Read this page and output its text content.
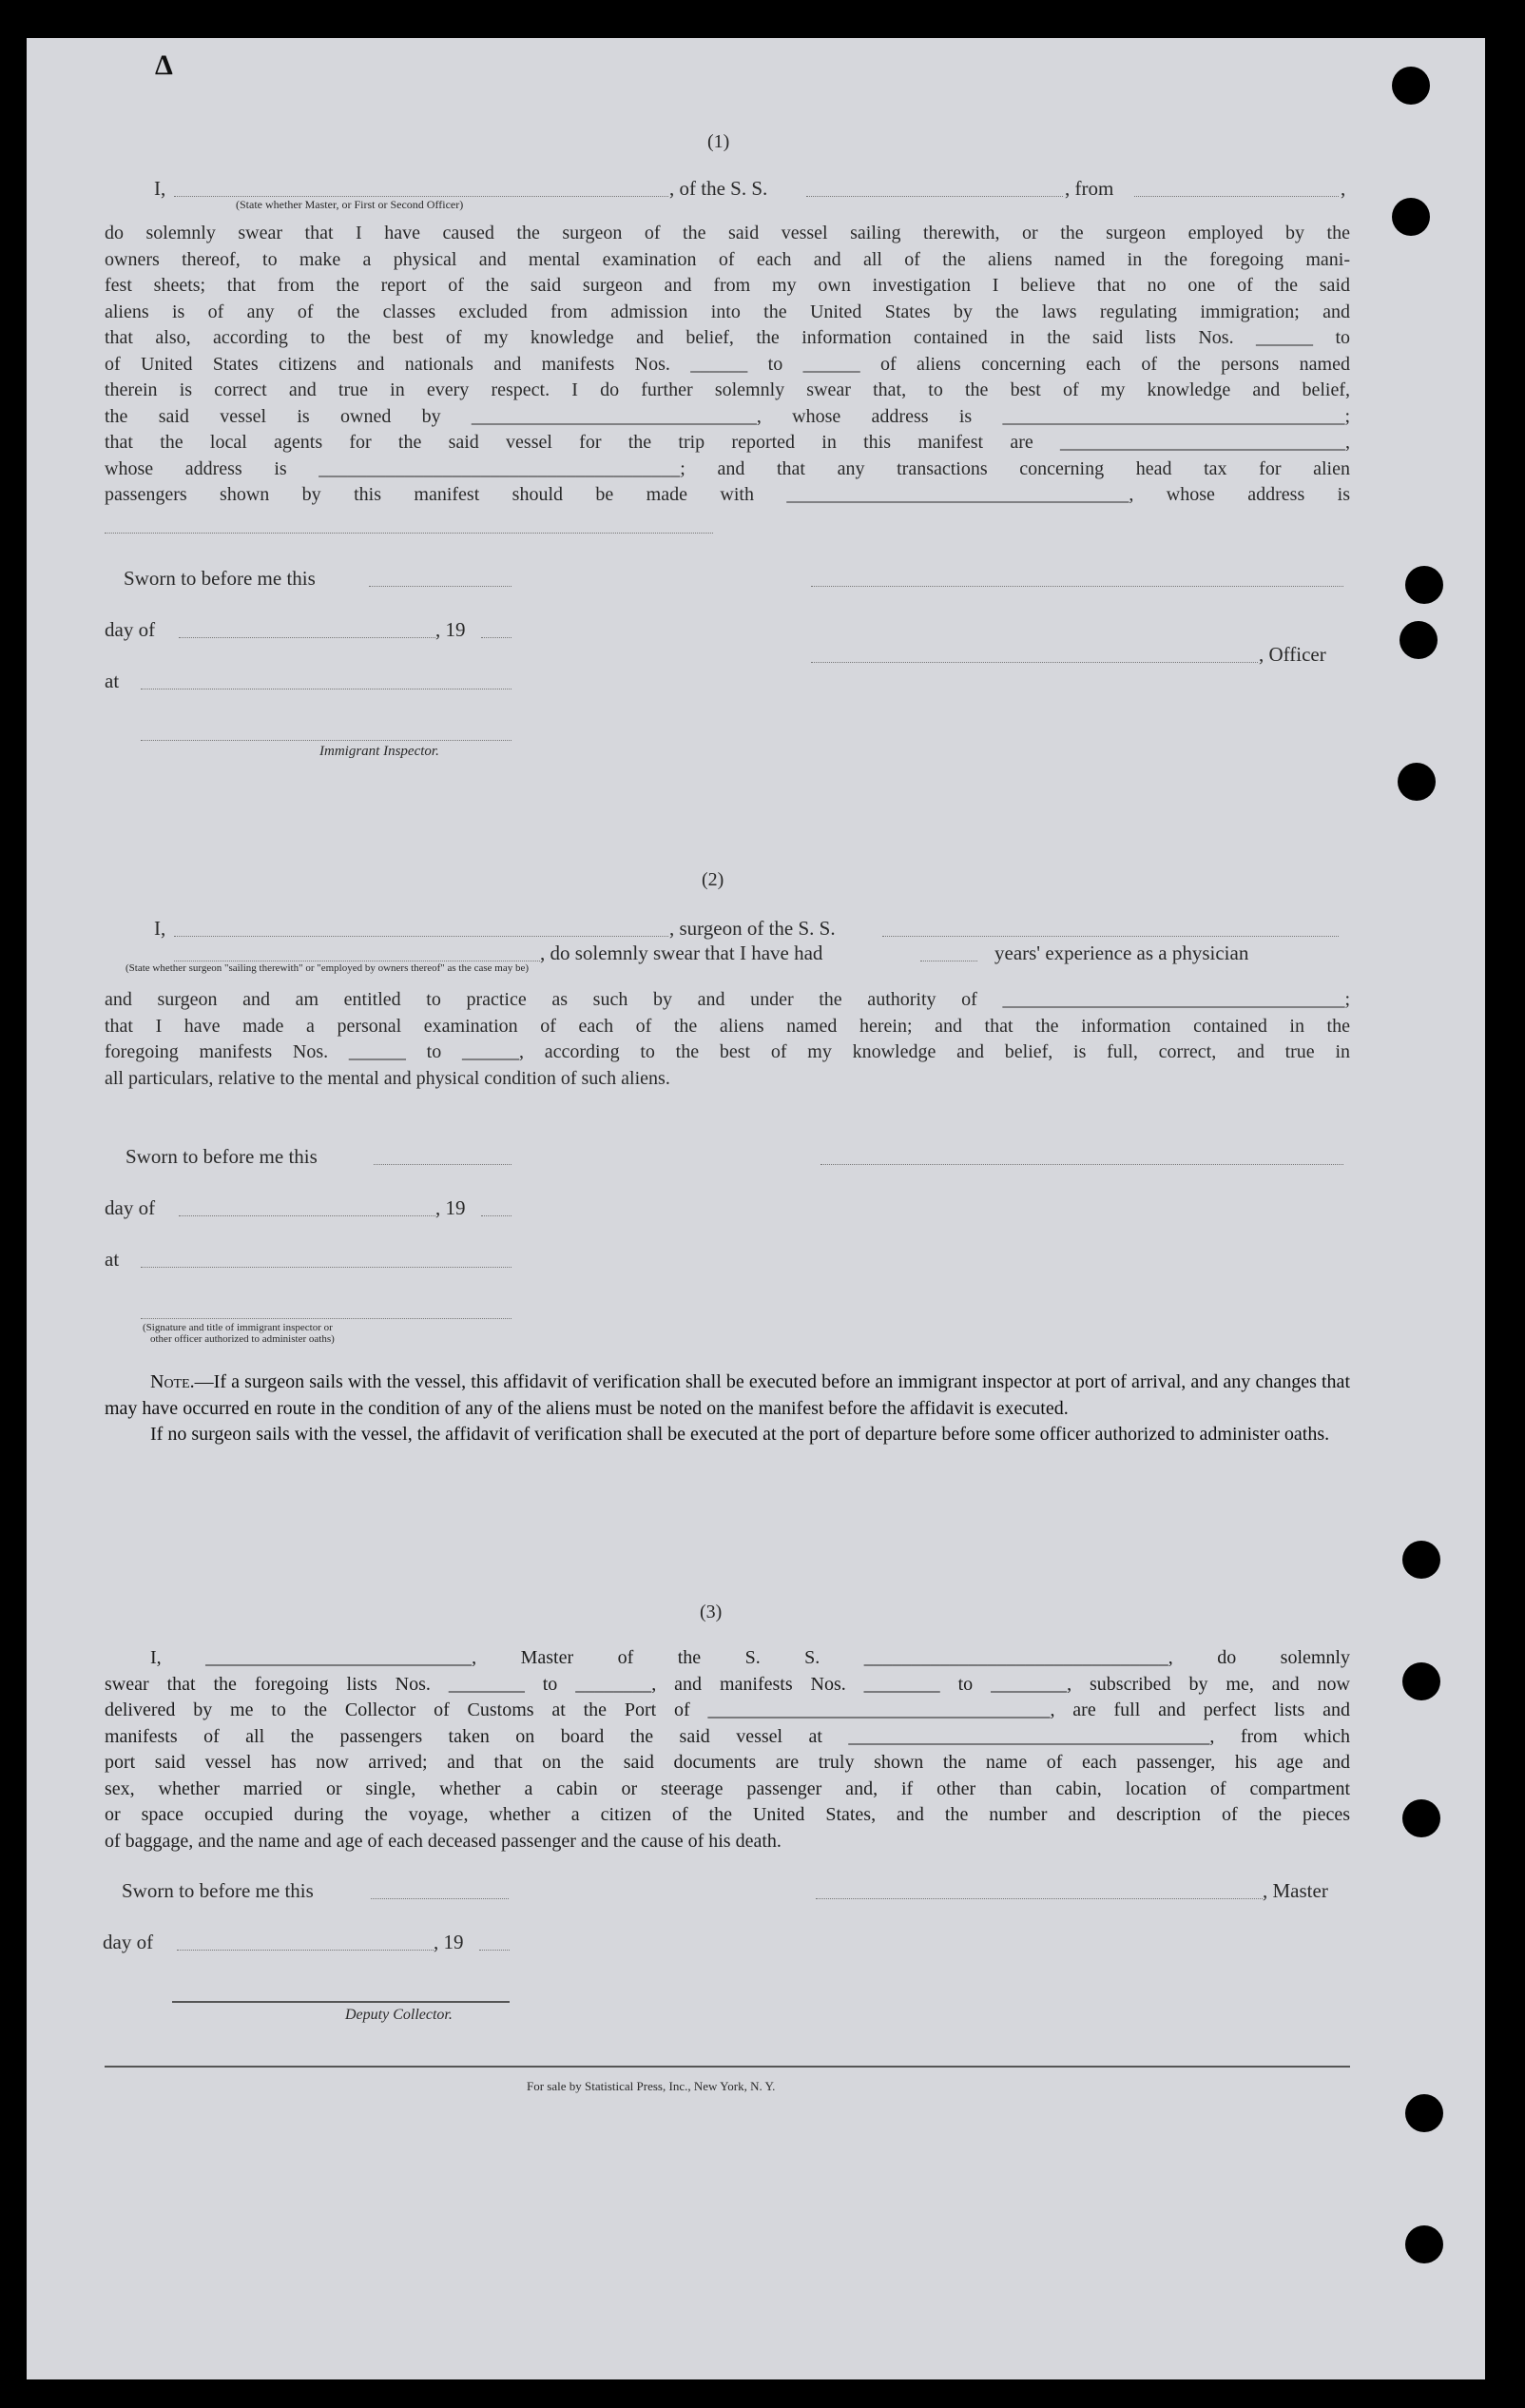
Δ
(1)
I,	, of the S. S.	, from	,
(State whether Master, or First or Second Officer)

do solemnly swear that I have caused the surgeon of the said vessel sailing therewith, or the surgeon employed by the

owners thereof, to make a physical and mental examination of each and all of the aliens named in the foregoing mani-

fest sheets; that from the report of the said surgeon and from my own investigation I believe that no one of the said

aliens is of any of the classes excluded from admission into the United States by the laws regulating immigration; and

that also, according to the best of my knowledge and belief, the information contained in the said lists Nos. ______ to

of United States citizens and nationals and manifests Nos. ______ to ______ of aliens concerning each of the persons named

therein is correct and true in every respect. I do further solemnly swear that, to the best of my knowledge and belief,

the said vessel is owned by ______________________________, whose address is ____________________________________;

that the local agents for the said vessel for the trip reported in this manifest are ______________________________,

whose address is ______________________________________; and that any transactions concerning head tax for alien

passengers shown by this manifest should be made with ____________________________________, whose address is

Sworn to before me this
day of	, 19
, Officer
at
Immigrant Inspector.
(2)
I,	, surgeon of the S. S.
, do solemnly swear that I have had	years' experience as a physician
(State whether surgeon "sailing therewith" or "employed by owners thereof" as the case may be)

and surgeon and am entitled to practice as such by and under the authority of ____________________________________;

that I have made a personal examination of each of the aliens named herein; and that the information contained in the

foregoing manifests Nos. ______ to ______, according to the best of my knowledge and belief, is full, correct, and true in

all particulars, relative to the mental and physical condition of such aliens.

Sworn to before me this
day of	, 19
at
(Signature and title of immigrant inspector or
other officer authorized to administer oaths)

Note.—If a surgeon sails with the vessel, this affidavit of verification shall be executed before an immigrant inspector at port of arrival, and any changes that may have occurred en route in the condition of any of the aliens must be noted on the manifest before the affidavit is executed.

If no surgeon sails with the vessel, the affidavit of verification shall be executed at the port of departure before some officer authorized to administer oaths.

(3)

I, ____________________________, Master of the S. S. ________________________________, do solemnly

swear that the foregoing lists Nos. ________ to ________, and manifests Nos. ________ to ________, subscribed by me, and now

delivered by me to the Collector of Customs at the Port of ____________________________________, are full and perfect lists and

manifests of all the passengers taken on board the said vessel at ______________________________________, from which

port said vessel has now arrived; and that on the said documents are truly shown the name of each passenger, his age and

sex, whether married or single, whether a cabin or steerage passenger and, if other than cabin, location of compartment

or space occupied during the voyage, whether a citizen of the United States, and the number and description of the pieces

of baggage, and the name and age of each deceased passenger and the cause of his death.

Sworn to before me this	, Master
day of	, 19
Deputy Collector.
For sale by Statistical Press, Inc., New York, N. Y.
